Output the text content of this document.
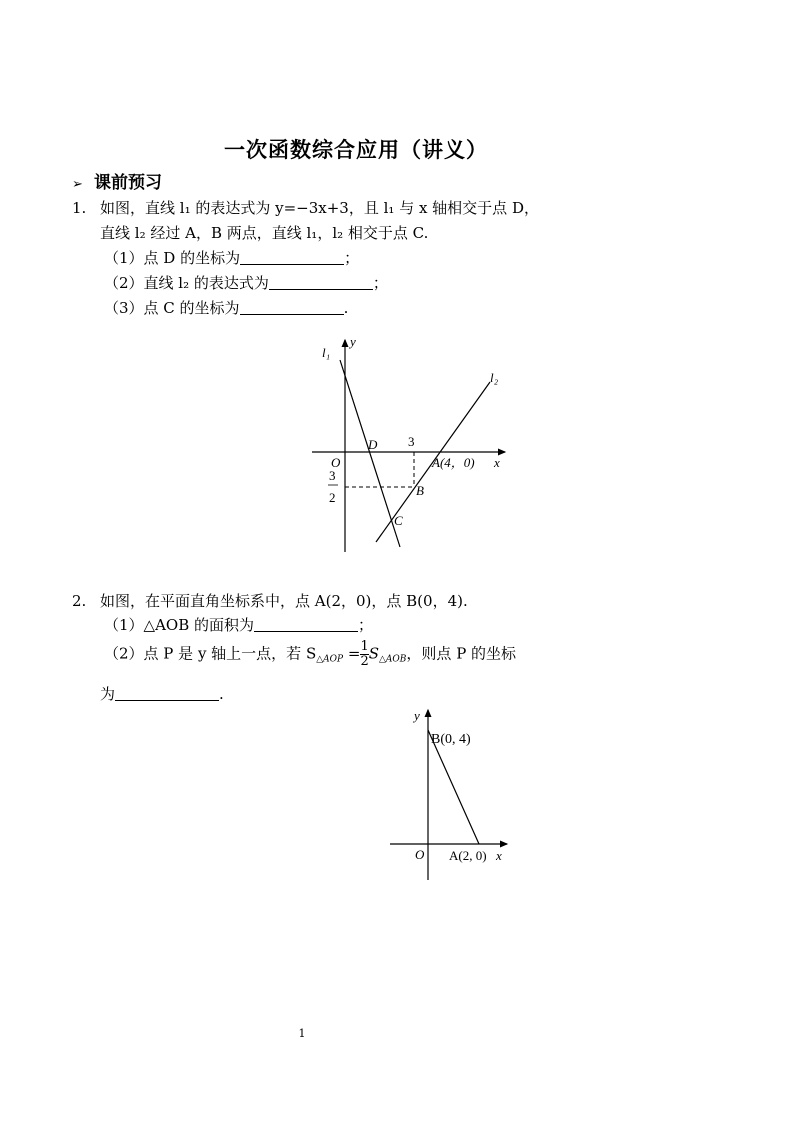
一次函数综合应用（讲义）
➢ 课前预习
1. 如图，直线 l₁ 的表达式为 y=−3x+3，且 l₁ 与 x 轴相交于点 D，
直线 l₂ 经过 A，B 两点，直线 l₁，l₂ 相交于点 C.
（1）点 D 的坐标为	；
（2）直线 l₂ 的表达式为	；
（3）点 C 的坐标为	.
l₁
y
l₂
D 3
O	A(4，0) x
B
C
3
2
2. 如图，在平面直角坐标系中，点 A(2，0)，点 B(0，4).
（1）△AOB 的面积为	；
（2）点 P 是 y 轴上一点，若 $S_{\triangle AOP} = \frac{1}{2} S_{\triangle AOB}$，则点 P 的坐标
为	.
y
B(0, 4)
O A(2, 0) x
1
